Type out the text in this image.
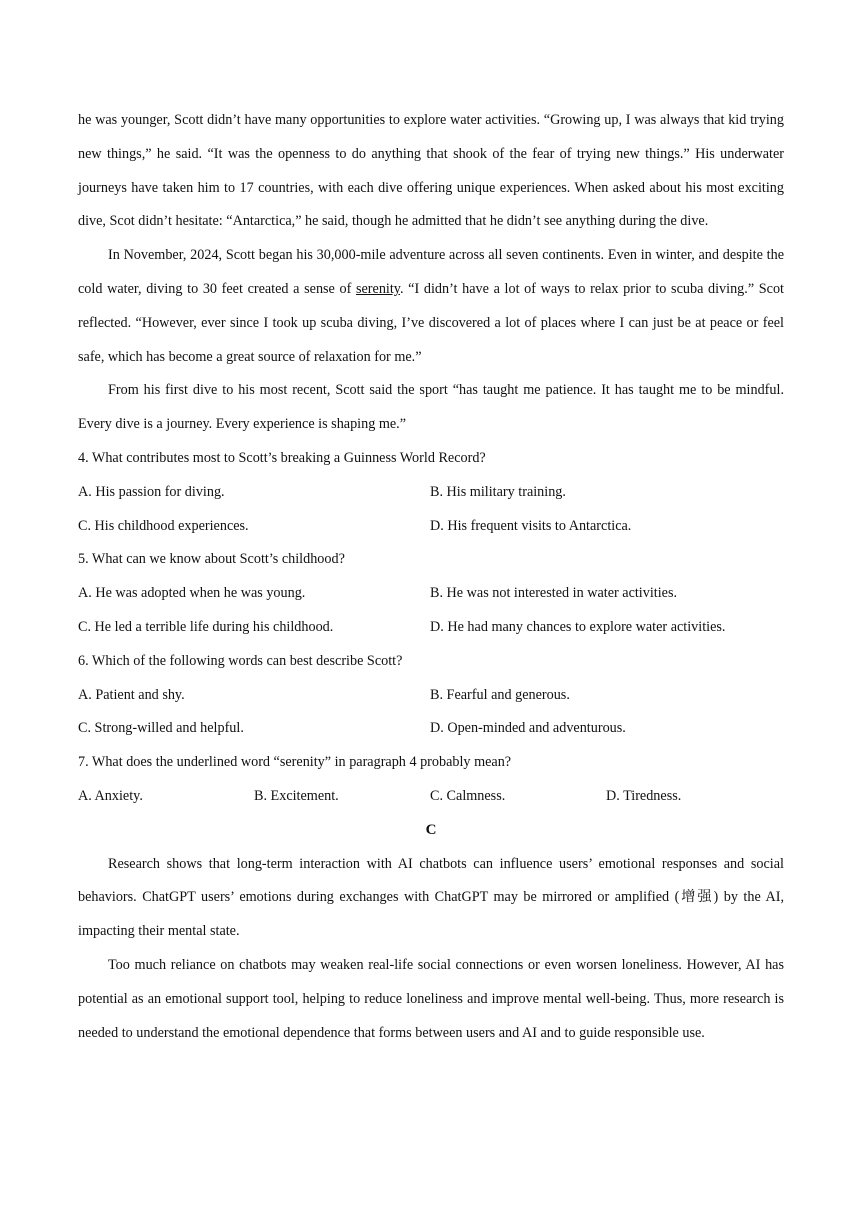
he was younger, Scott didn’t have many opportunities to explore water activities. “Growing up, I was always that kid trying new things,” he said. “It was the openness to do anything that shook of the fear of trying new things.” His underwater journeys have taken him to 17 countries, with each dive offering unique experiences. When asked about his most exciting dive, Scot didn’t hesitate: “Antarctica,” he said, though he admitted that he didn’t see anything during the dive.

In November, 2024, Scott began his 30,000-mile adventure across all seven continents. Even in winter, and despite the cold water, diving to 30 feet created a sense of serenity. “I didn’t have a lot of ways to relax prior to scuba diving.” Scot reflected. “However, ever since I took up scuba diving, I’ve discovered a lot of places where I can just be at peace or feel safe, which has become a great source of relaxation for me.”

From his first dive to his most recent, Scott said the sport “has taught me patience. It has taught me to be mindful. Every dive is a journey. Every experience is shaping me.”

4. What contributes most to Scott’s breaking a Guinness World Record?
A. His passion for diving.	B. His military training.
C. His childhood experiences.	D. His frequent visits to Antarctica.
5. What can we know about Scott’s childhood?
A. He was adopted when he was young.	B. He was not interested in water activities.
C. He led a terrible life during his childhood.	D. He had many chances to explore water activities.
6. Which of the following words can best describe Scott?
A. Patient and shy.	B. Fearful and generous.
C. Strong-willed and helpful.	D. Open-minded and adventurous.
7. What does the underlined word “serenity” in paragraph 4 probably mean?
A. Anxiety.	B. Excitement.	C. Calmness.	D. Tiredness.
C

Research shows that long-term interaction with AI chatbots can influence users’ emotional responses and social behaviors. ChatGPT users’ emotions during exchanges with ChatGPT may be mirrored or amplified (增强) by the AI, impacting their mental state.

Too much reliance on chatbots may weaken real-life social connections or even worsen loneliness. However, AI has potential as an emotional support tool, helping to reduce loneliness and improve mental well-being. Thus, more research is needed to understand the emotional dependence that forms between users and AI and to guide responsible use.
